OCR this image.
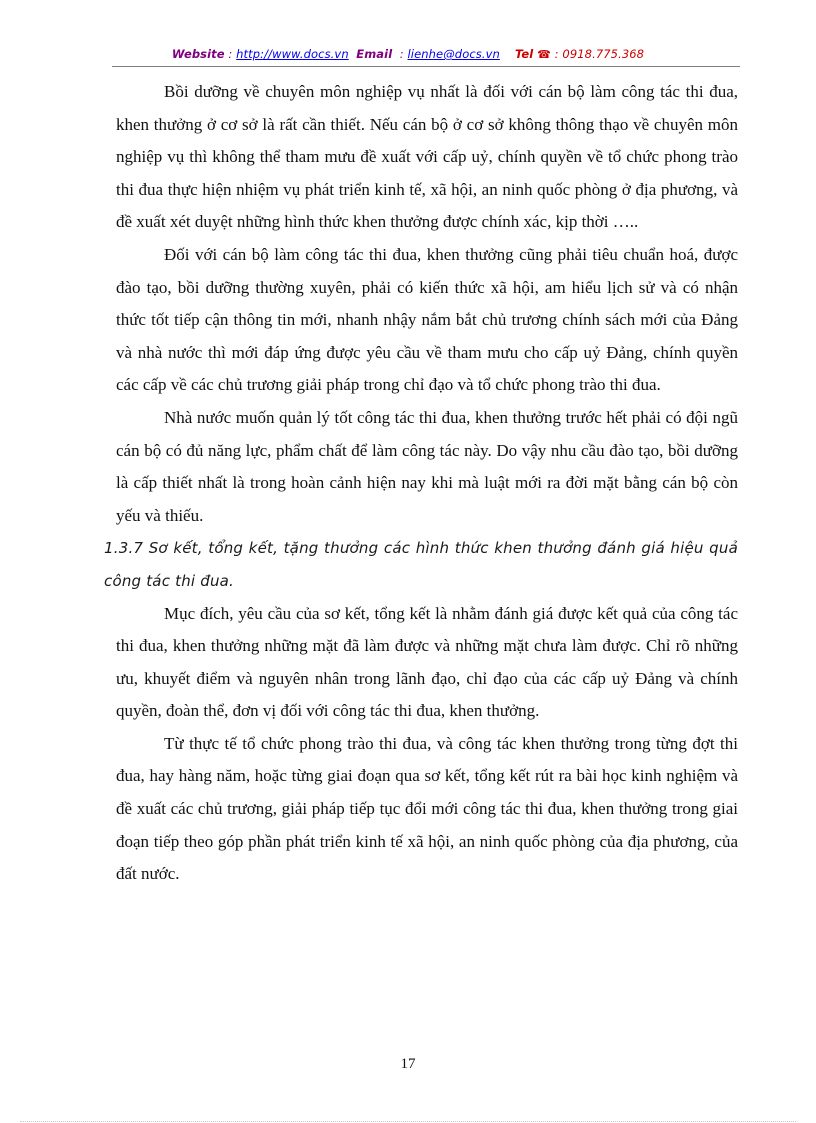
Website : http://www.docs.vn Email  : lienhe@docs.vn Tel ☎ : 0918.775.368

Bồi dưỡng về chuyên môn nghiệp vụ nhất là đối với cán bộ làm công tác thi đua, khen thưởng ở cơ sở là rất cần thiết. Nếu cán bộ ở cơ sở không thông thạo về chuyên môn nghiệp vụ thì không thể tham mưu đề xuất với cấp uỷ, chính quyền về tổ chức phong trào thi đua thực hiện nhiệm vụ phát triển kinh tế, xã hội, an ninh quốc phòng ở địa phương, và đề xuất xét duyệt những hình thức khen thưởng được chính xác, kịp thời …..

Đối với cán bộ làm công tác thi đua, khen thưởng cũng phải tiêu chuẩn hoá, được đào tạo, bồi dưỡng thường xuyên, phải có kiến thức xã hội, am hiểu lịch sử và có nhận thức tốt tiếp cận thông tin mới, nhanh nhậy nắm bắt chủ trương chính sách mới của Đảng và nhà nước thì mới đáp ứng được yêu cầu về tham mưu cho cấp uỷ Đảng, chính quyền các cấp về các chủ trương giải pháp trong chỉ đạo và tổ chức phong trào thi đua.

Nhà nước muốn quản lý tốt công tác thi đua, khen thưởng trước hết phải có đội ngũ cán bộ có đủ năng lực, phẩm chất để làm công tác này. Do vậy nhu cầu đào tạo, bồi dưỡng là cấp thiết nhất là trong hoàn cảnh hiện nay khi mà luật mới ra đời mặt bằng cán bộ còn yếu và thiếu.

1.3.7 Sơ kết, tổng kết, tặng thưởng các hình thức khen thưởng đánh giá hiệu quả công tác thi đua.

Mục đích, yêu cầu của sơ kết, tổng kết là nhằm đánh giá được kết quả của công tác thi đua, khen thưởng những mặt đã làm được và những mặt chưa làm được. Chỉ rõ những ưu, khuyết điểm và nguyên nhân trong lãnh đạo, chỉ đạo của các cấp uỷ Đảng và chính quyền, đoàn thể, đơn vị đối với công tác thi đua, khen thưởng.

Từ thực tế tổ chức phong trào thi đua, và công tác khen thưởng trong từng đợt thi đua, hay hàng năm, hoặc từng giai đoạn qua sơ kết, tổng kết rút ra bài học kinh nghiệm và đề xuất các chủ trương, giải pháp tiếp tục đổi mới công tác thi đua, khen thưởng trong giai đoạn tiếp theo góp phần phát triển kinh tế xã hội, an ninh quốc phòng của địa phương, của đất nước.

17
